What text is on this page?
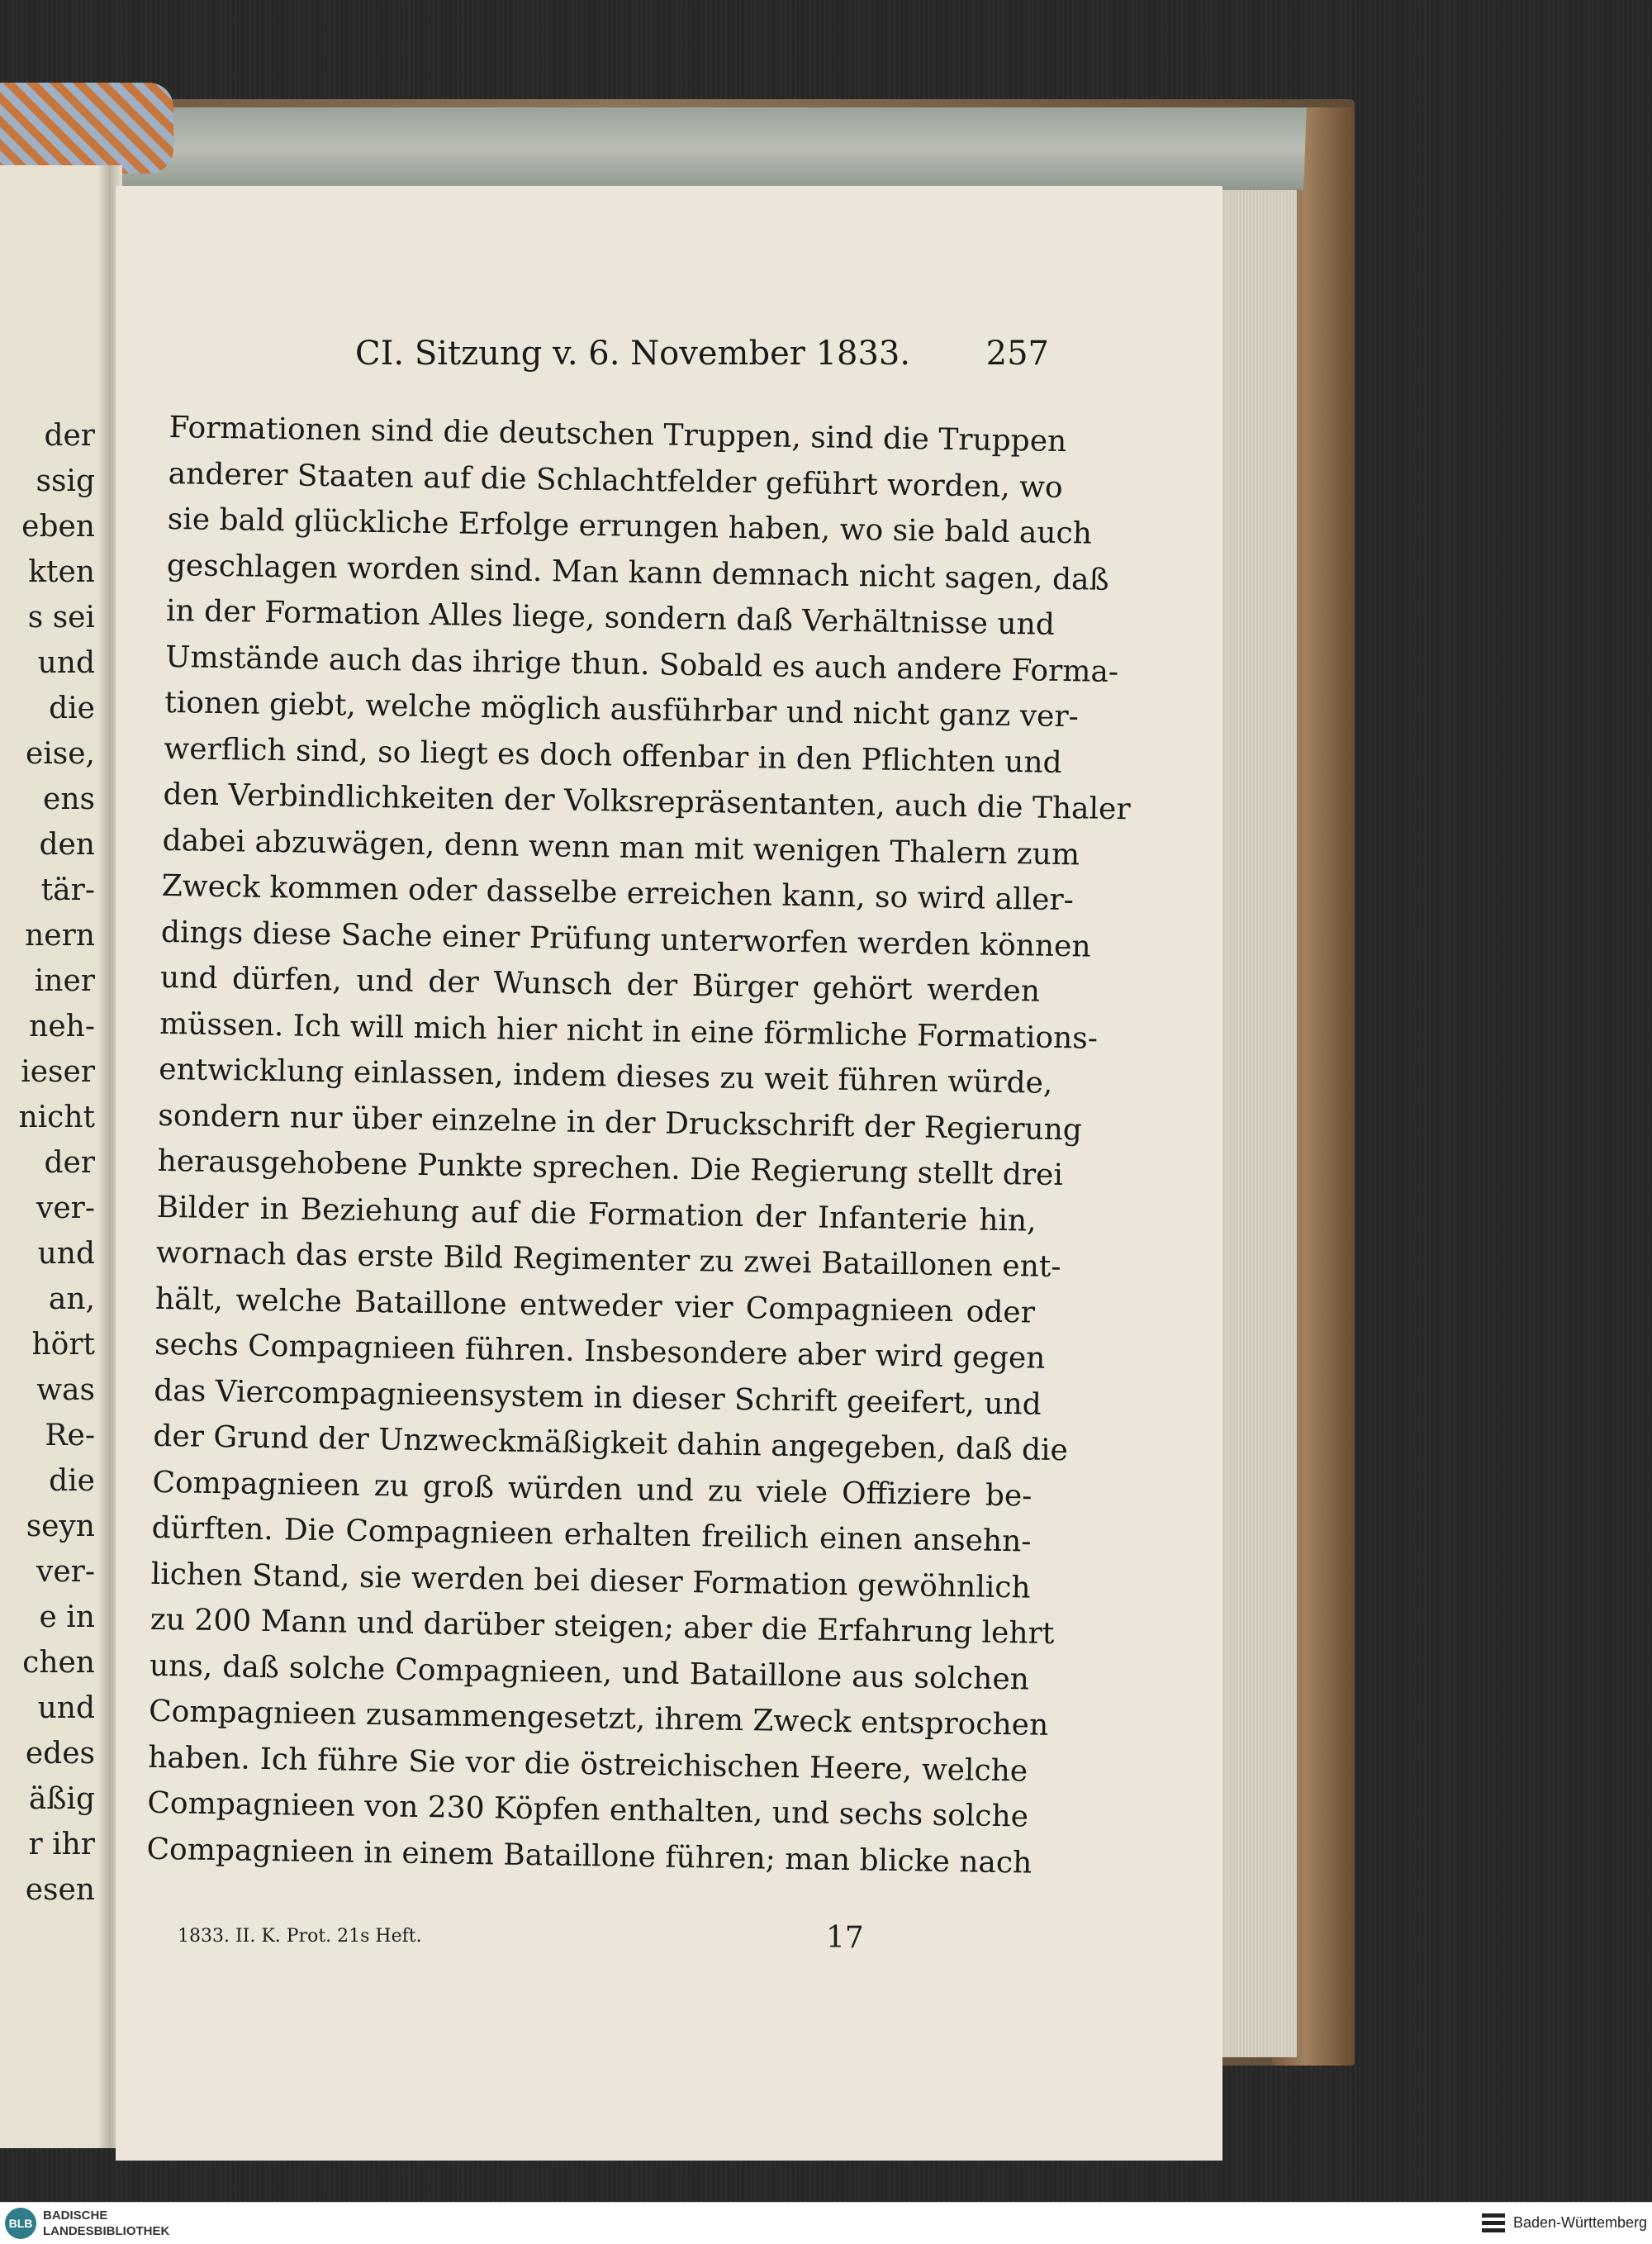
der
ssig
eben
kten
s sei
und
die
eise,
ens
den
tär-
nern
iner
neh-
ieser
nicht
der
ver-
und
an,
hört
was
Re-
die
seyn
ver-
e in
chen
und
edes
äßig
r ihr
esen
CI. Sitzung v. 6. November 1833. 257
Formationen sind die deutschen Truppen, sind die Truppen
anderer Staaten auf die Schlachtfelder geführt worden, wo
sie bald glückliche Erfolge errungen haben, wo sie bald auch
geschlagen worden sind. Man kann demnach nicht sagen, daß
in der Formation Alles liege, sondern daß Verhältnisse und
Umstände auch das ihrige thun. Sobald es auch andere Forma-
tionen giebt, welche möglich ausführbar und nicht ganz ver-
werflich sind, so liegt es doch offenbar in den Pflichten und
den Verbindlichkeiten der Volksrepräsentanten, auch die Thaler
dabei abzuwägen, denn wenn man mit wenigen Thalern zum
Zweck kommen oder dasselbe erreichen kann, so wird aller-
dings diese Sache einer Prüfung unterworfen werden können
und dürfen, und der Wunsch der Bürger gehört werden
müssen. Ich will mich hier nicht in eine förmliche Formations-
entwicklung einlassen, indem dieses zu weit führen würde,
sondern nur über einzelne in der Druckschrift der Regierung
herausgehobene Punkte sprechen. Die Regierung stellt drei
Bilder in Beziehung auf die Formation der Infanterie hin,
wornach das erste Bild Regimenter zu zwei Bataillonen ent-
hält, welche Bataillone entweder vier Compagnieen oder
sechs Compagnieen führen. Insbesondere aber wird gegen
das Viercompagnieensystem in dieser Schrift geeifert, und
der Grund der Unzweckmäßigkeit dahin angegeben, daß die
Compagnieen zu groß würden und zu viele Offiziere be-
dürften. Die Compagnieen erhalten freilich einen ansehn-
lichen Stand, sie werden bei dieser Formation gewöhnlich
zu 200 Mann und darüber steigen; aber die Erfahrung lehrt
uns, daß solche Compagnieen, und Bataillone aus solchen
Compagnieen zusammengesetzt, ihrem Zweck entsprochen
haben. Ich führe Sie vor die östreichischen Heere, welche
Compagnieen von 230 Köpfen enthalten, und sechs solche
Compagnieen in einem Bataillone führen; man blicke nach
1833. II. K. Prot. 21s Heft.	17
BLB
BADISCHE
LANDESBIBLIOTHEK
Baden-Württemberg
